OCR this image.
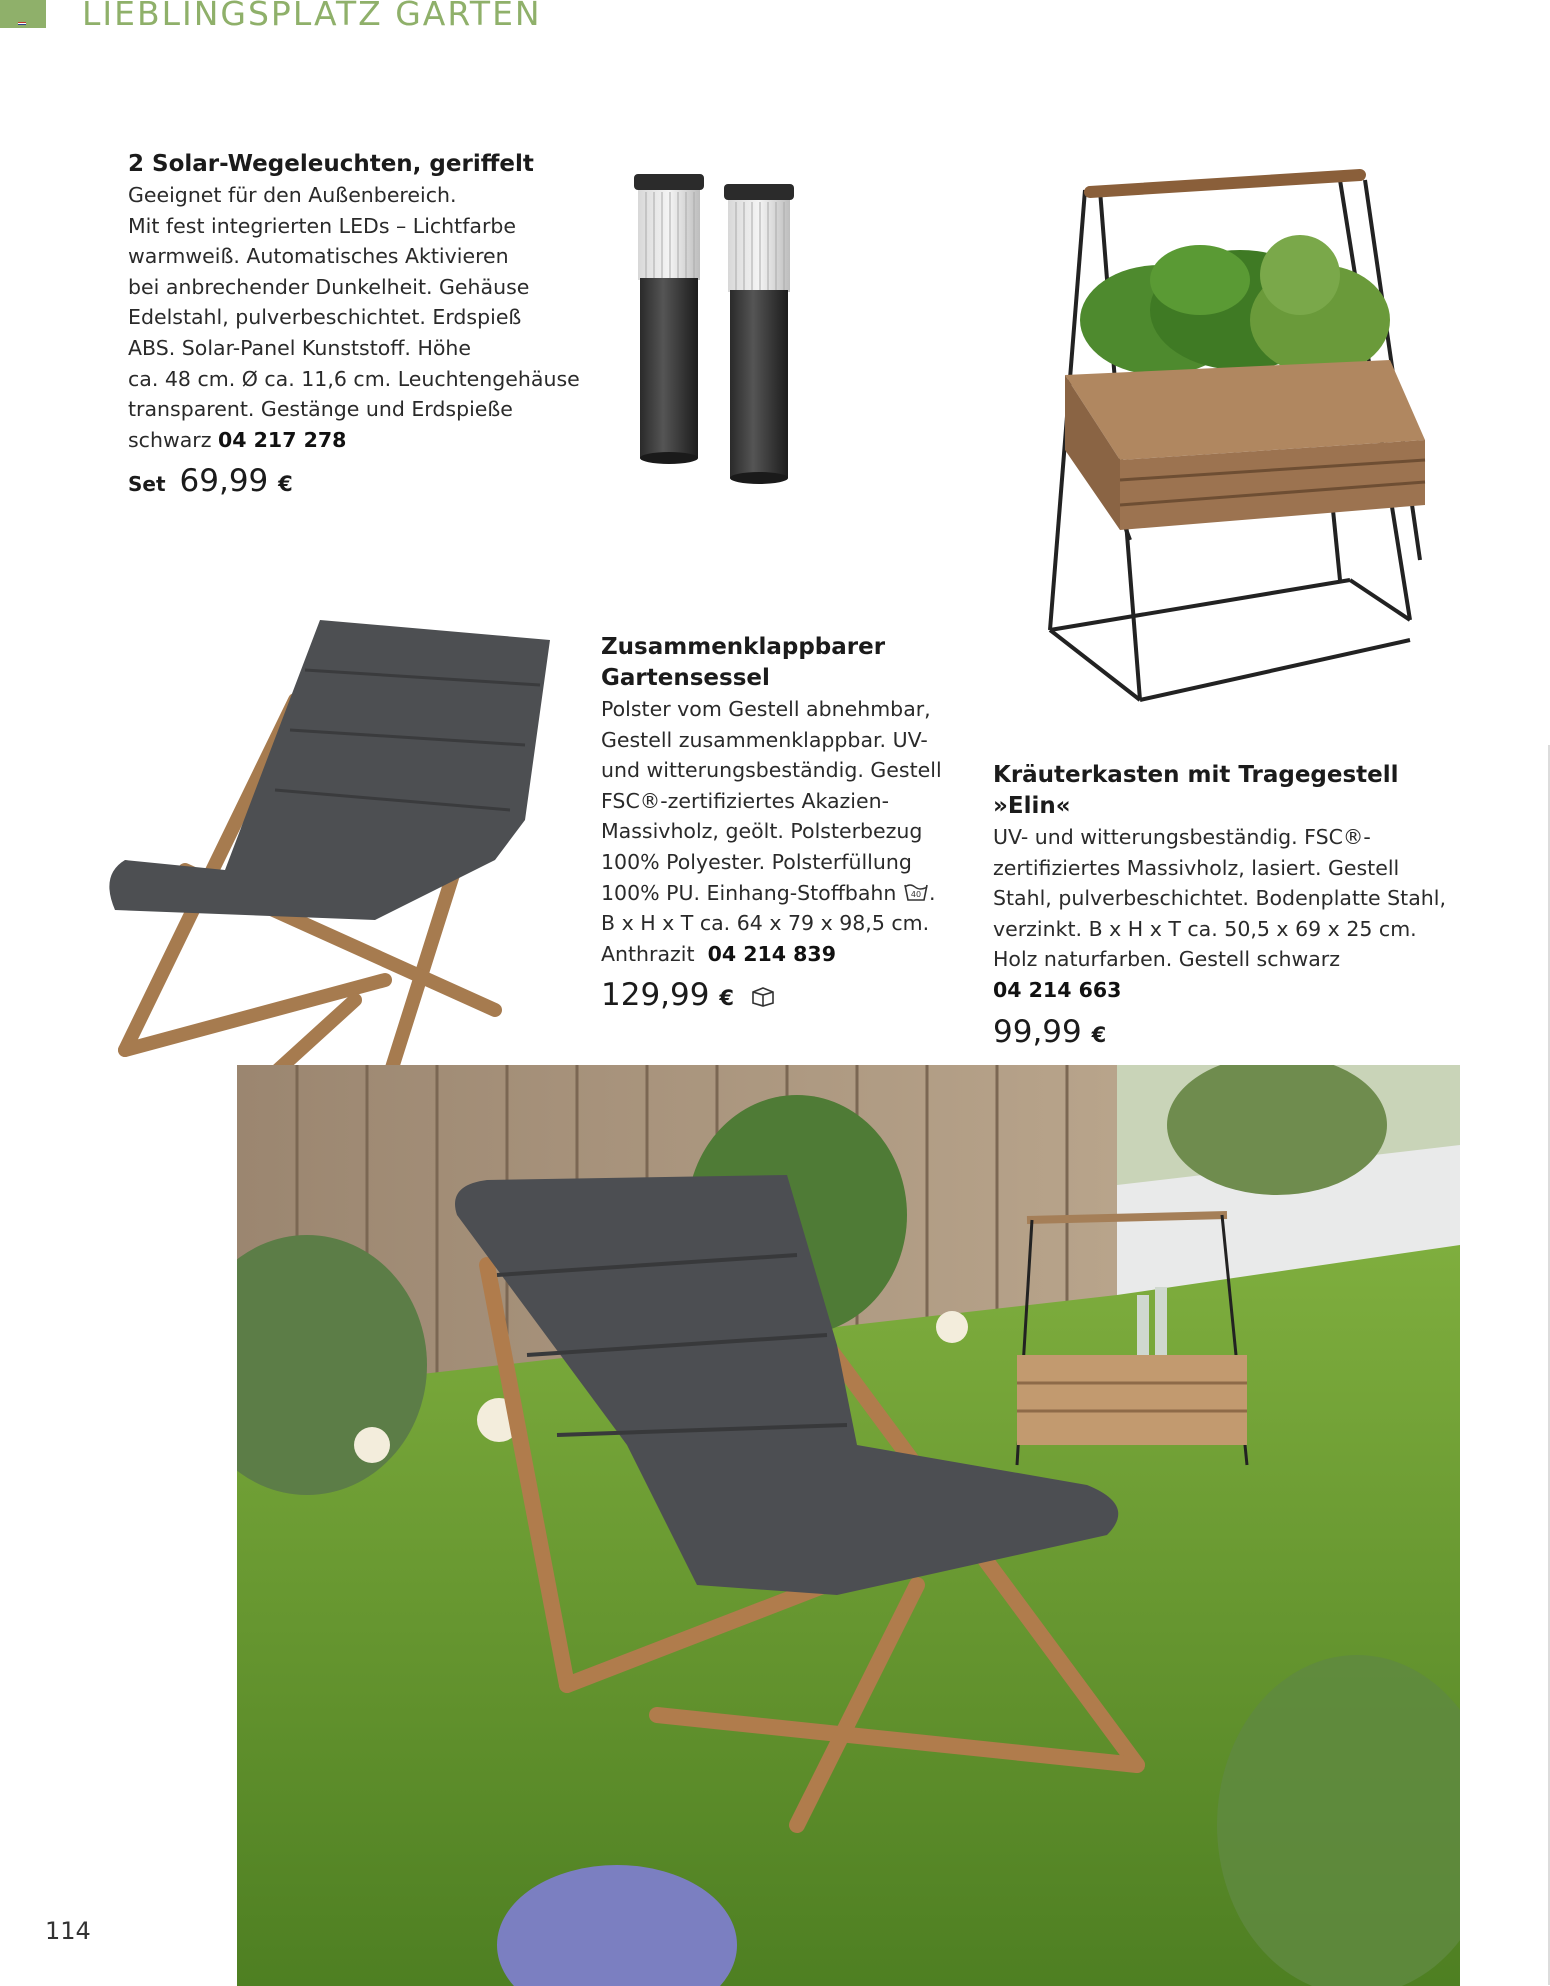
LIEBLINGSPLATZ GARTEN
2 Solar-Wegeleuchten, geriffelt
Geeignet für den Außenbereich.
Mit fest integrierten LEDs – Lichtfarbe
warmweiß. Automatisches Aktivieren
bei anbrechender Dunkelheit. Gehäuse
Edelstahl, pulverbeschichtet. Erdspieß
ABS. Solar-Panel Kunststoff. Höhe
ca. 48 cm. Ø ca. 11,6 cm. Leuchtengehäuse
transparent. Gestänge und Erdspieße
schwarz 04 217 278
Set 69,99 €
Zusammenklappbarer
Gartensessel
Polster vom Gestell abnehmbar,
Gestell zusammenklappbar. UV-
und witterungsbeständig. Gestell
FSC®-zertifiziertes Akazien-
Massivholz, geölt. Polsterbezug
100% Polyester. Polsterfüllung
100% PU. Einhang-Stoffbahn 40 .
B x H x T ca. 64 x 79 x 98,5 cm.
Anthrazit 04 214 839
129,99 €
Kräuterkasten mit Tragegestell »Elin«
UV- und witterungsbeständig. FSC®-
zertifiziertes Massivholz, lasiert. Gestell
Stahl, pulverbeschichtet. Bodenplatte Stahl,
verzinkt. B x H x T ca. 50,5 x 69 x 25 cm.
Holz naturfarben. Gestell schwarz
04 214 663
99,99 €
114
